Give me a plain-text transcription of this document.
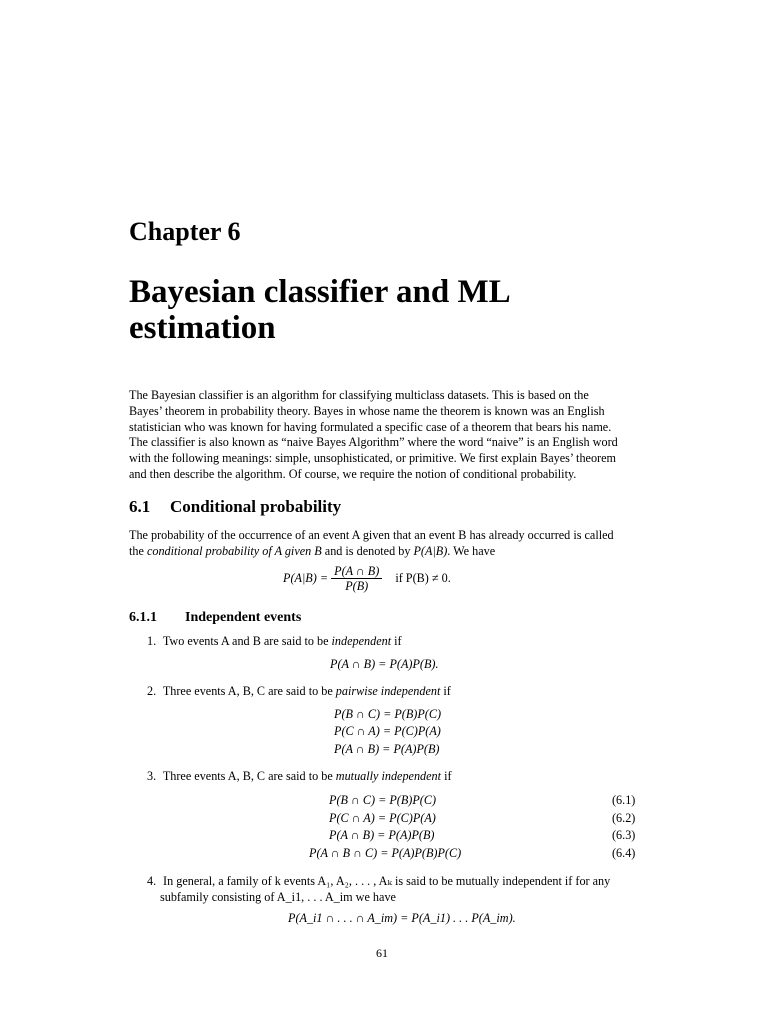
Chapter 6
Bayesian classifier and ML
estimation
The Bayesian classifier is an algorithm for classifying multiclass datasets. This is based on the
Bayes’ theorem in probability theory. Bayes in whose name the theorem is known was an English
statistician who was known for having formulated a specific case of a theorem that bears his name.
The classifier is also known as “naive Bayes Algorithm” where the word “naive” is an English word
with the following meanings: simple, unsophisticated, or primitive. We first explain Bayes’ theorem
and then describe the algorithm. Of course, we require the notion of conditional probability.
6.1 Conditional probability
The probability of the occurrence of an event A given that an event B has already occurred is called
the conditional probability of A given B and is denoted by P(A|B). We have
$P(A|B) = \frac{P(A \cap B)}{P(B)}$ if P(B) ≠ 0.
6.1.1 Independent events
1. Two events A and B are said to be independent if
P(A ∩ B) = P(A)P(B).
2. Three events A, B, C are said to be pairwise independent if
P(B ∩ C) = P(B)P(C)
P(C ∩ A) = P(C)P(A)
P(A ∩ B) = P(A)P(B)
3. Three events A, B, C are said to be mutually independent if
P(B ∩ C) = P(B)P(C)
P(C ∩ A) = P(C)P(A)
P(A ∩ B) = P(A)P(B)
P(A ∩ B ∩ C) = P(A)P(B)P(C)
(6.1)
(6.2)
(6.3)
(6.4)
4. In general, a family of k events A₁, A₂, . . . , Aₖ is said to be mutually independent if for any
subfamily consisting of A_i1, . . . A_im we have
P(A_i1 ∩ . . . ∩ A_im) = P(A_i1) . . . P(A_im).
61
